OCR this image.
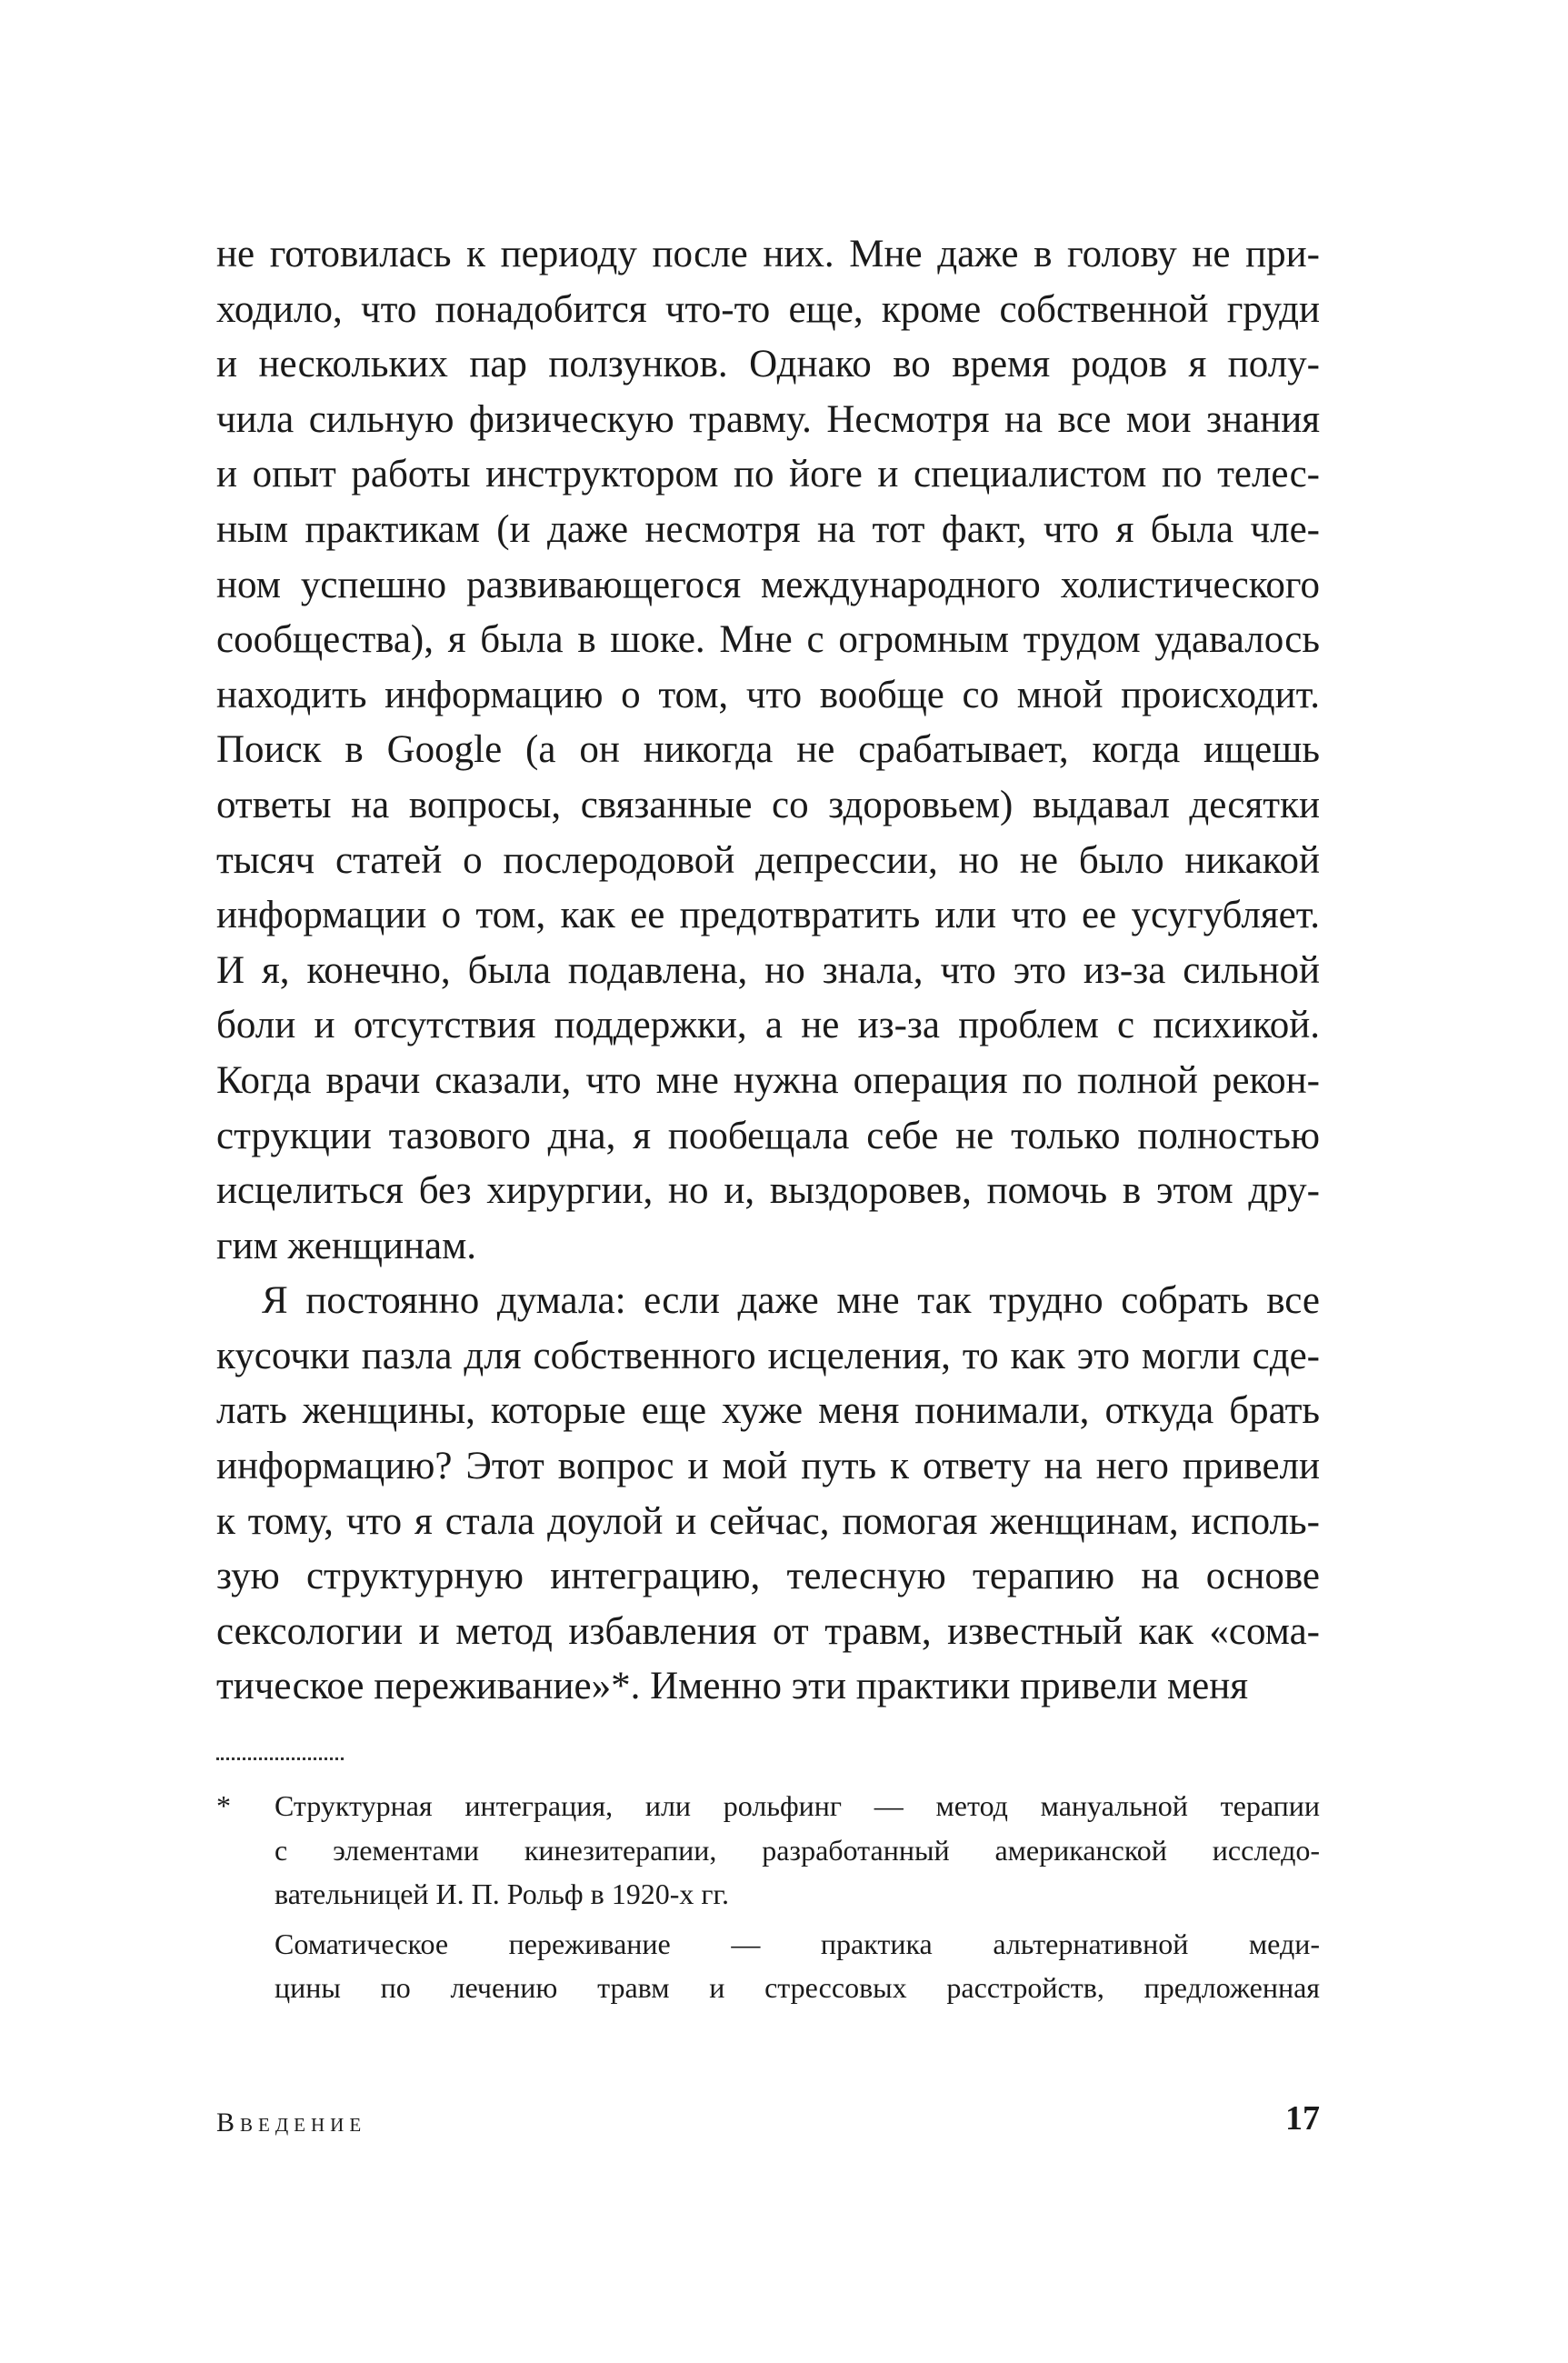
не готовилась к периоду после них. Мне даже в голову не при-
ходило, что понадобится что-то еще, кроме собственной груди
и нескольких пар ползунков. Однако во время родов я полу-
чила сильную физическую травму. Несмотря на все мои знания
и опыт работы инструктором по йоге и специалистом по телес-
ным практикам (и даже несмотря на тот факт, что я была чле-
ном успешно развивающегося международного холистического
сообщества), я была в шоке. Мне с огромным трудом удавалось
находить информацию о том, что вообще со мной происходит.
Поиск в Google (а он никогда не срабатывает, когда ищешь
ответы на вопросы, связанные со здоровьем) выдавал десятки
тысяч статей о послеродовой депрессии, но не было никакой
информации о том, как ее предотвратить или что ее усугубляет.
И я, конечно, была подавлена, но знала, что это из-за сильной
боли и отсутствия поддержки, а не из-за проблем с психикой.
Когда врачи сказали, что мне нужна операция по полной рекон-
струкции тазового дна, я пообещала себе не только полностью
исцелиться без хирургии, но и, выздоровев, помочь в этом дру-
гим женщинам.
Я постоянно думала: если даже мне так трудно собрать все
кусочки пазла для собственного исцеления, то как это могли сде-
лать женщины, которые еще хуже меня понимали, откуда брать
информацию? Этот вопрос и мой путь к ответу на него привели
к тому, что я стала доулой и сейчас, помогая женщинам, исполь-
зую структурную интеграцию, телесную терапию на основе
сексологии и метод избавления от травм, известный как «сома-
тическое переживание»*. Именно эти практики привели меня
*	Структурная интеграция, или рольфинг — метод мануальной терапии
с элементами кинезитерапии, разработанный американской исследо-
вательницей И. П. Рольф в 1920-х гг.
Соматическое переживание — практика альтернативной меди-
цины по лечению травм и стрессовых расстройств, предложенная
Введение	17
